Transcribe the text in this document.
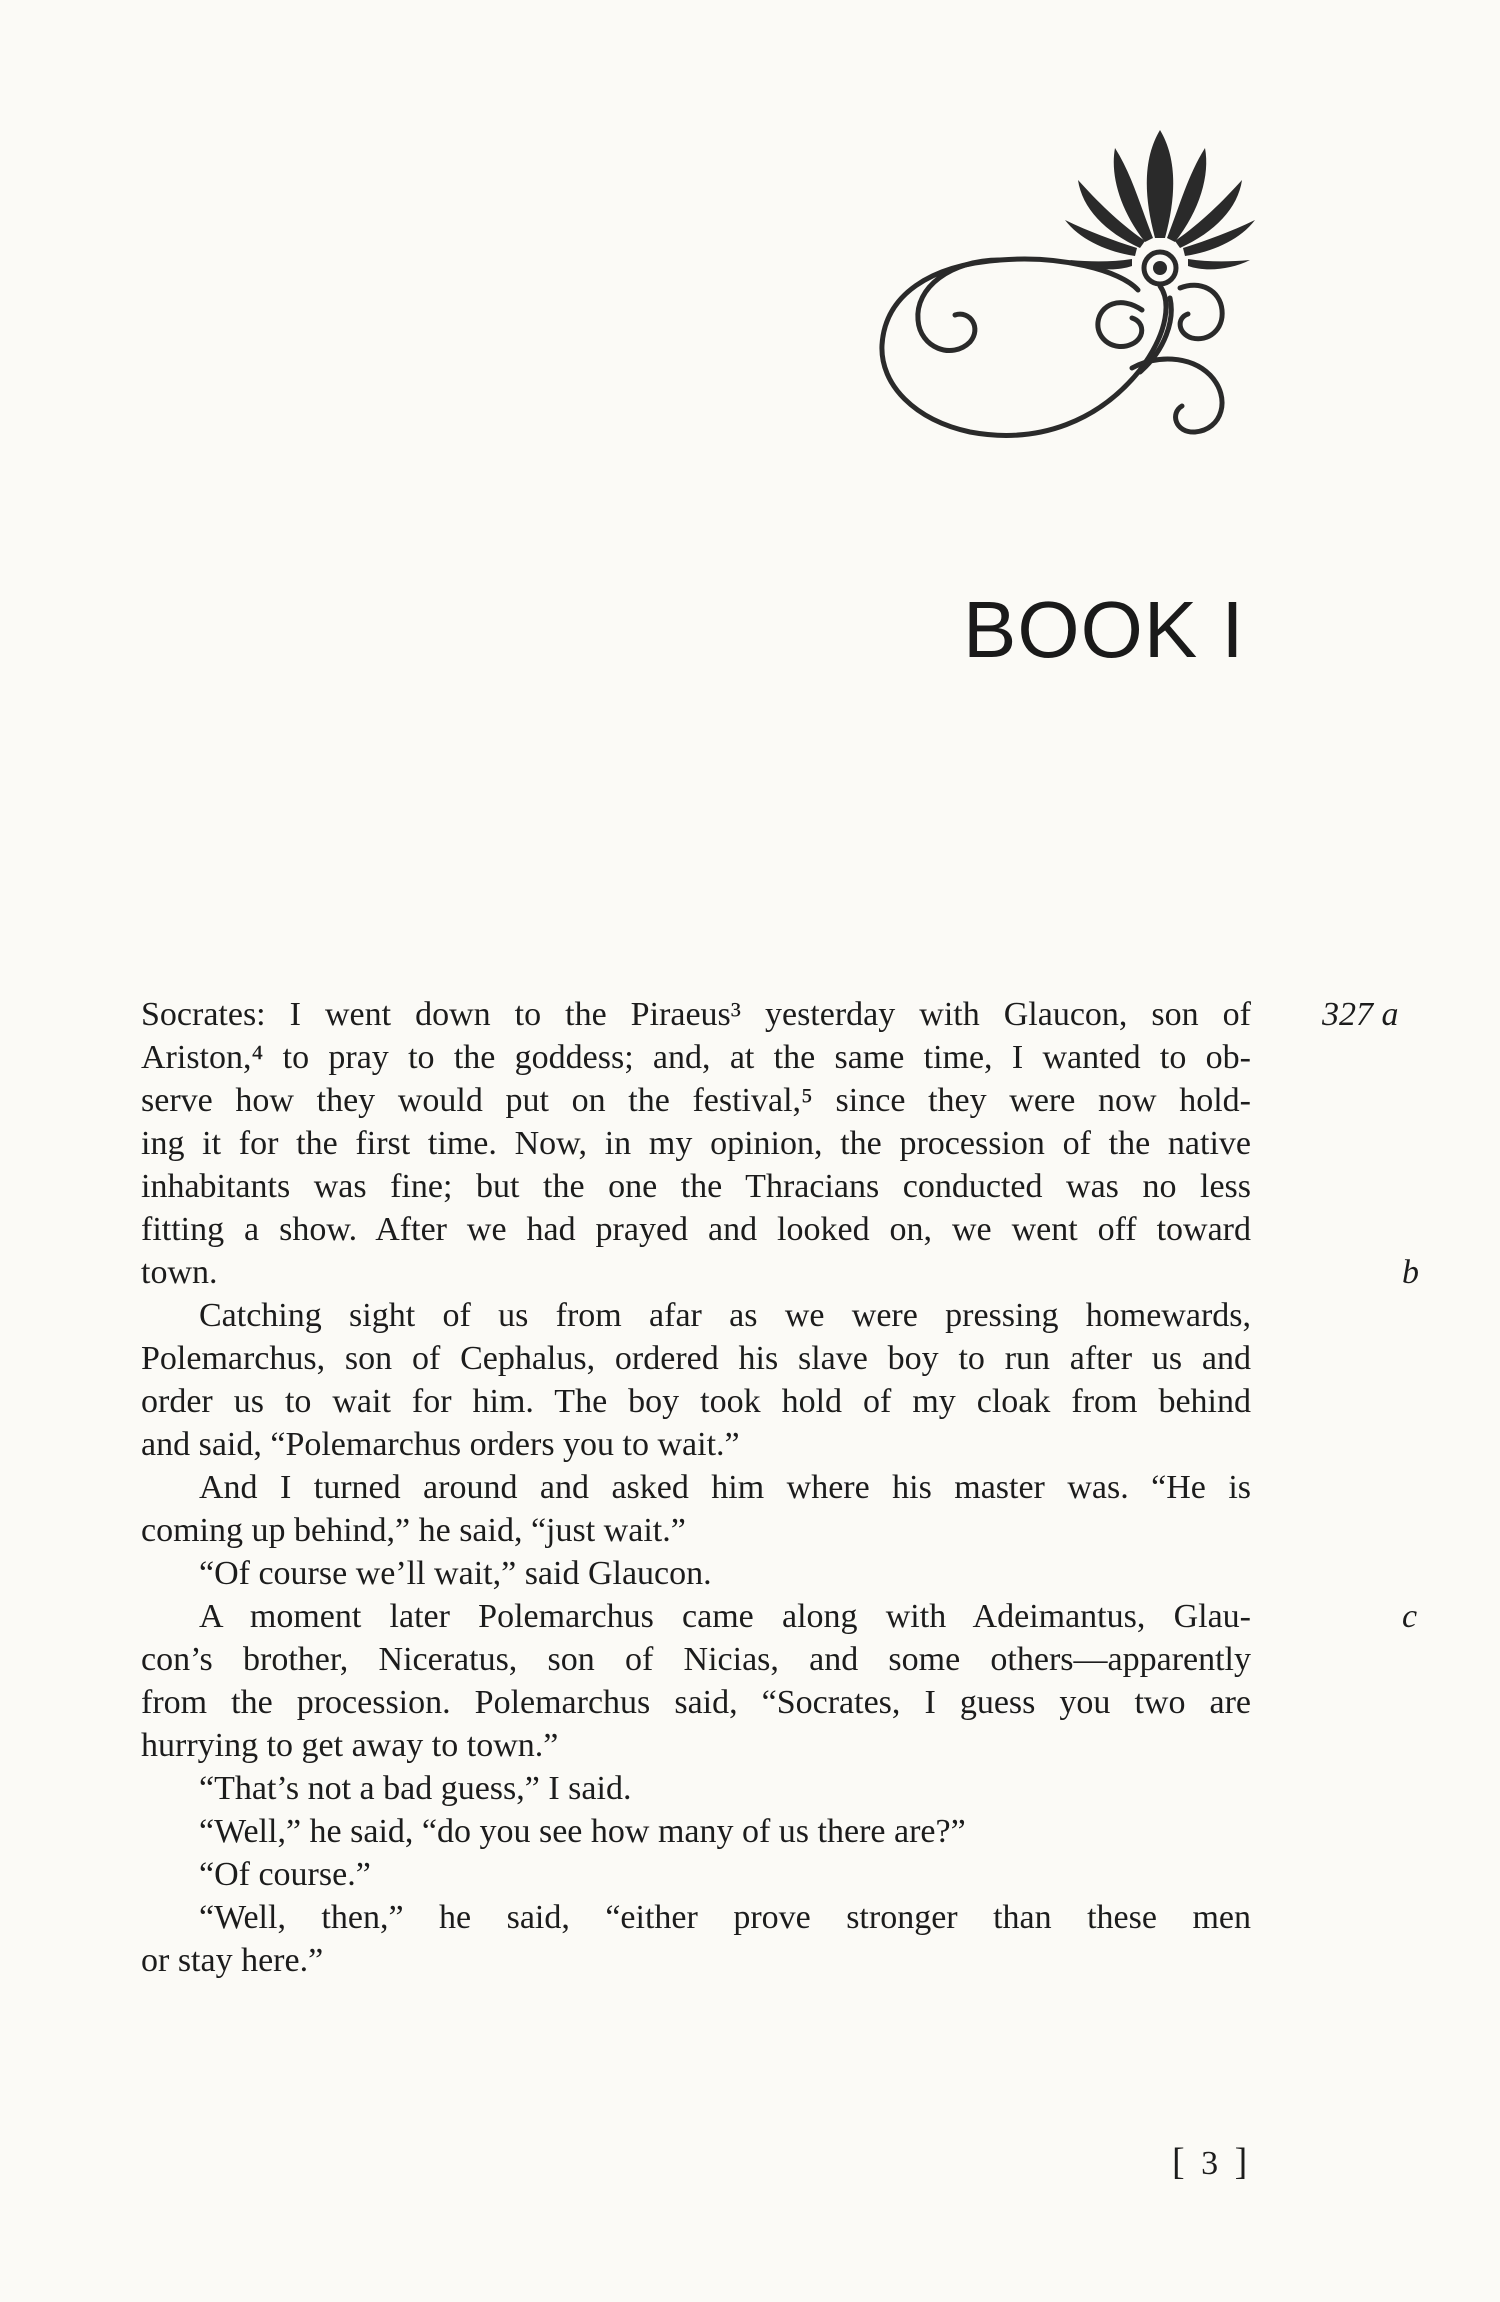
BOOK I
Socrates: I went down to the Piraeus³ yesterday with Glaucon, son of
Ariston,⁴ to pray to the goddess; and, at the same time, I wanted to ob-
serve how they would put on the festival,⁵ since they were now hold-
ing it for the first time. Now, in my opinion, the procession of the native
inhabitants was fine; but the one the Thracians conducted was no less
fitting a show. After we had prayed and looked on, we went off toward
town.
Catching sight of us from afar as we were pressing homewards,
Polemarchus, son of Cephalus, ordered his slave boy to run after us and
order us to wait for him. The boy took hold of my cloak from behind
and said, “Polemarchus orders you to wait.”
And I turned around and asked him where his master was. “He is
coming up behind,” he said, “just wait.”
“Of course we’ll wait,” said Glaucon.
A moment later Polemarchus came along with Adeimantus, Glau-
con’s brother, Niceratus, son of Nicias, and some others—apparently
from the procession. Polemarchus said, “Socrates, I guess you two are
hurrying to get away to town.”
“That’s not a bad guess,” I said.
“Well,” he said, “do you see how many of us there are?”
“Of course.”
“Well, then,” he said, “either prove stronger than these men
or stay here.”
327 a
b
c
[ 3 ]
